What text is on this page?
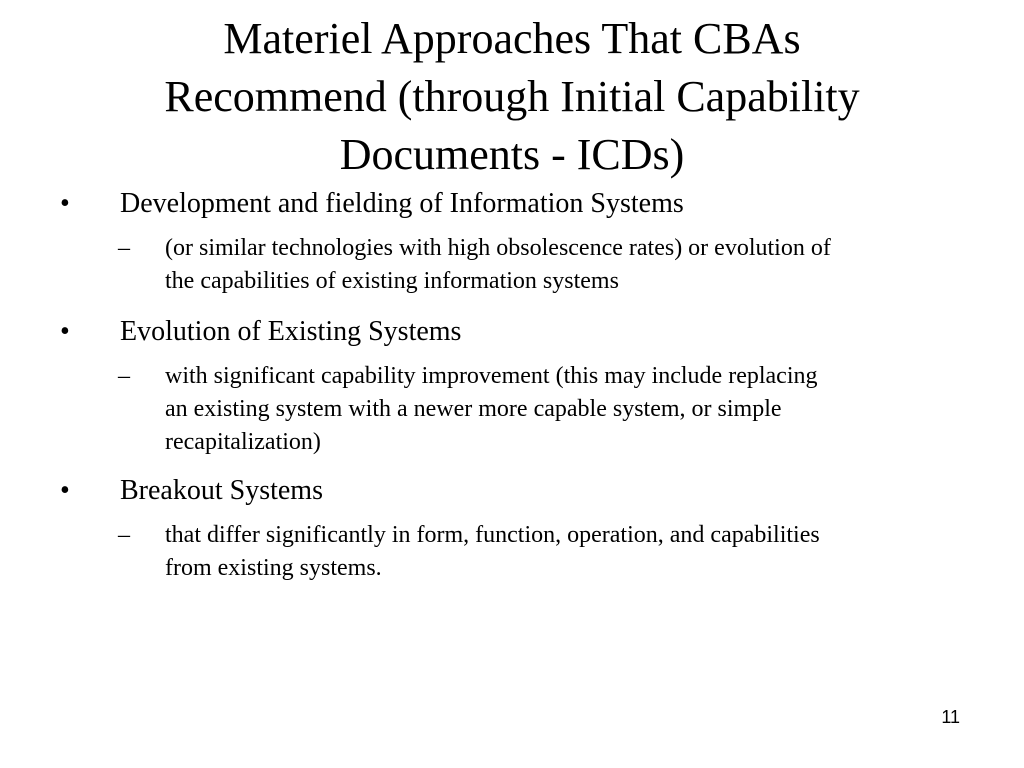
Materiel Approaches That CBAs
Recommend (through Initial Capability
Documents - ICDs)
• Development and fielding of Information Systems
– (or similar technologies with high obsolescence rates) or evolution of
the capabilities of existing information systems
• Evolution of Existing Systems
– with significant capability improvement (this may include replacing
an existing system with a newer more capable system, or simple
recapitalization)
• Breakout Systems
– that differ significantly in form, function, operation, and capabilities
from existing systems.
11
